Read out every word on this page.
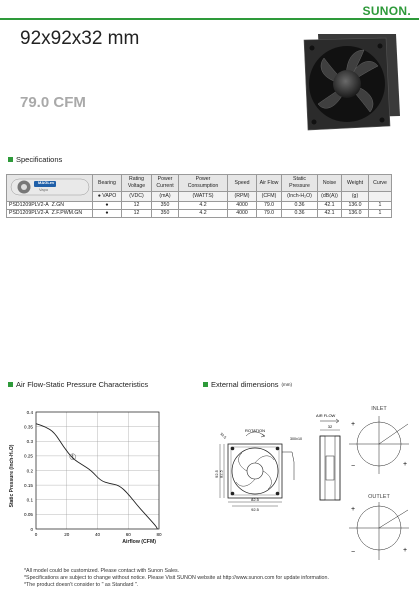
SUNON.
92x92x32 mm
79.0 CFM
Specifications
MAGLev
Vapo	Bearing	Rating Voltage	Power Current	Power Consumption	Speed	Air Flow	Static Pressure	Noise	Weight	Curve
	● VAPO	(VDC)	(mA)	(WATTS)	(RPM)	(CFM)	(Inch-H₂O)	(dB(A))	(g)	
PSD1209PLV2-A Z.GN	●	12	350	4.2	4000	79.0	0.36	42.1	136.0	1
PSD1209PLV2-A Z.F.PWM.GN	●	12	350	4.2	4000	79.0	0.36	42.1	136.0	1
Air Flow-Static Pressure Characteristics
Static Pressure (Inch-H₂O)
0.4
0.35
0.3
0.25
0.2
0.15
0.1
0.05
0
0	20	40	60	80
1
Airflow (CFM)
External dimensions (mm)
92.5 82.5
82.5
92.5
ROTATION
92.5	300±10
AIR FLOW
32
INLET
+
+
−
OUTLET
+
+
−
*All model could be customized. Please contact with Sunon Sales.
*Specifications are subject to change without notice. Please Visit SUNON website at http://www.sunon.com for update information.
*The product doesn't consider to " as Standard ".
